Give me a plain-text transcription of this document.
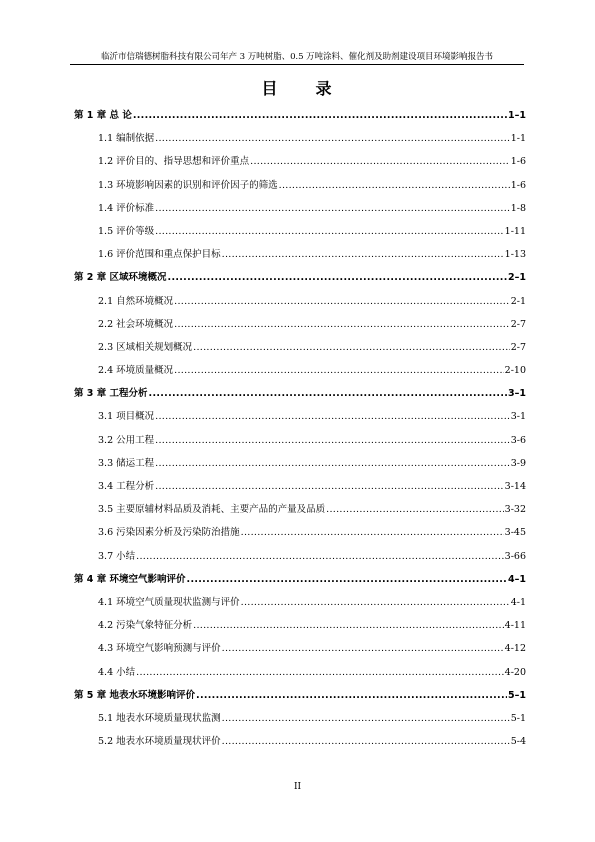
临沂市信瑞德树脂科技有限公司年产 3 万吨树脂、0.5 万吨涂料、催化剂及助剂建设项目环境影响报告书
目　　录
第 1 章 总 论 .....	1–1
1.1 编制依据 .....	1-1
1.2 评价目的、指导思想和评价重点 .....	1-6
1.3 环境影响因素的识别和评价因子的筛选 .....	1-6
1.4 评价标准 .....	1-8
1.5 评价等级 .....	1-11
1.6 评价范围和重点保护目标 .....	1-13
第 2 章 区域环境概况 .....	2–1
2.1 自然环境概况 .....	2-1
2.2 社会环境概况 .....	2-7
2.3 区域相关规划概况 .....	2-7
2.4 环境质量概况 .....	2-10
第 3 章 工程分析 .....	3–1
3.1 项目概况 .....	3-1
3.2 公用工程 .....	3-6
3.3 储运工程 .....	3-9
3.4 工程分析 .....	3-14
3.5 主要原辅材料品质及消耗、主要产品的产量及品质 .....	3-32
3.6 污染因素分析及污染防治措施 .....	3-45
3.7 小结 .....	3-66
第 4 章 环境空气影响评价 .....	4–1
4.1 环境空气质量现状监测与评价 .....	4-1
4.2 污染气象特征分析 .....	4-11
4.3 环境空气影响预测与评价 .....	4-12
4.4 小结 .....	4-20
第 5 章 地表水环境影响评价 .....	5–1
5.1 地表水环境质量现状监测 .....	5-1
5.2 地表水环境质量现状评价 .....	5-4
II
